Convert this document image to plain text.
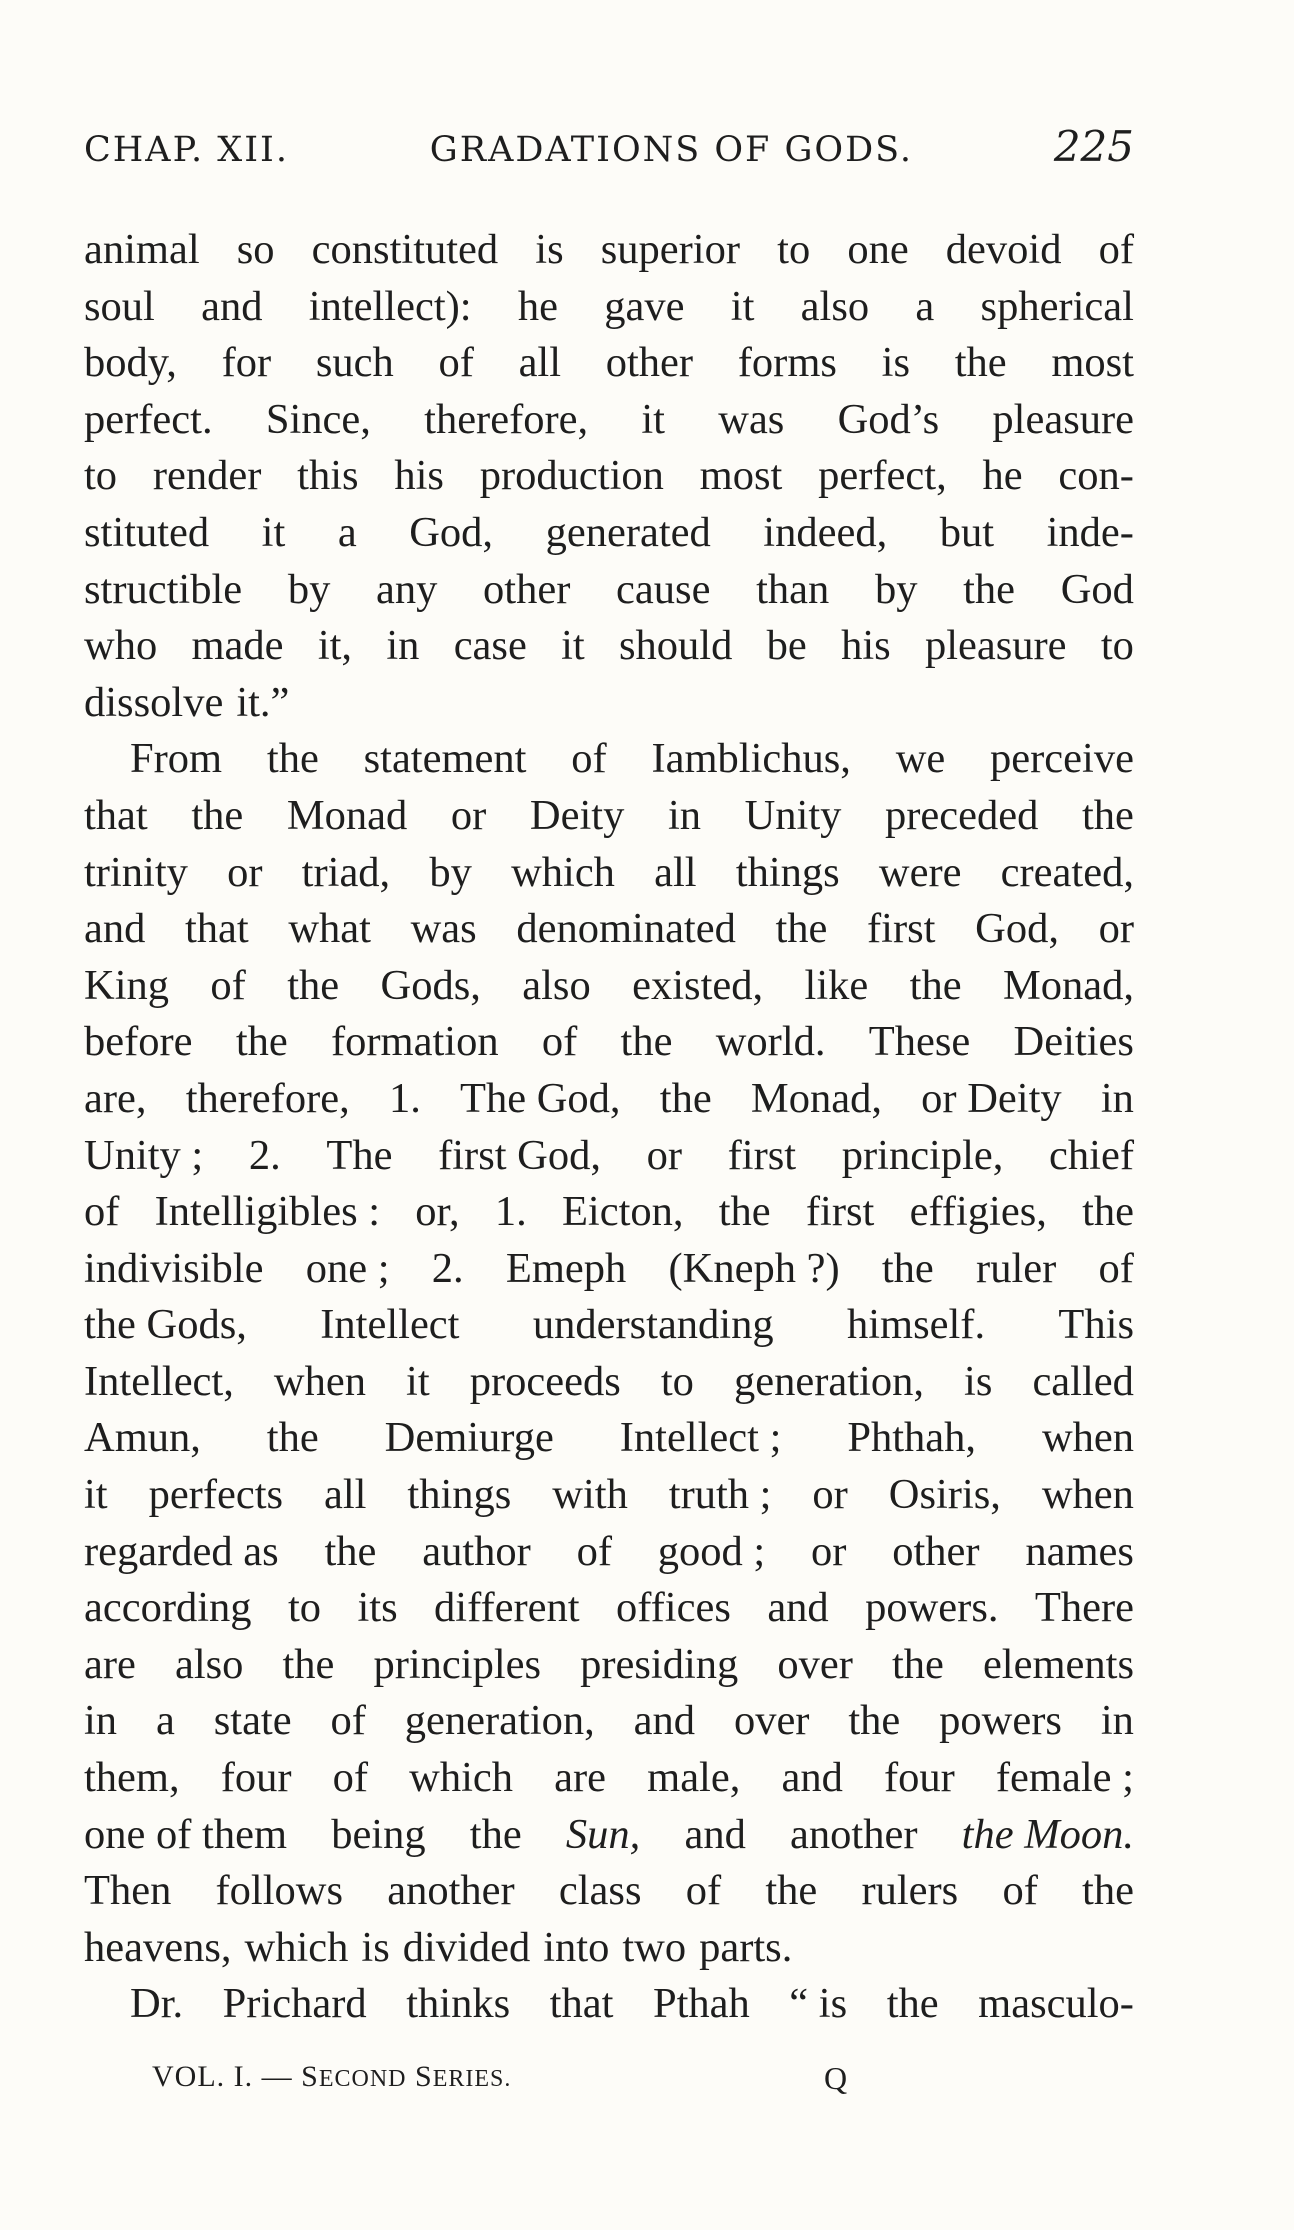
CHAP. XII.	GRADATIONS OF GODS.	225
animal so constituted is superior to one devoid of
soul and intellect): he gave it also a spherical
body, for such of all other forms is the most
perfect. Since, therefore, it was God’s pleasure
to render this his production most perfect, he con-
stituted it a God, generated indeed, but inde-
structible by any other cause than by the God
who made it, in case it should be his pleasure to
dissolve it.”
From the statement of Iamblichus, we perceive
that the Monad or Deity in Unity preceded the
trinity or triad, by which all things were created,
and that what was denominated the first God, or
King of the Gods, also existed, like the Monad,
before the formation of the world. These Deities
are, therefore, 1. The God, the Monad, or Deity in
Unity ; 2. The first God, or first principle, chief
of Intelligibles : or, 1. Eicton, the first effigies, the
indivisible one ; 2. Emeph (Kneph ?) the ruler of
the Gods, Intellect understanding himself. This
Intellect, when it proceeds to generation, is called
Amun, the Demiurge Intellect ; Phthah, when
it perfects all things with truth ; or Osiris, when
regarded as the author of good ; or other names
according to its different offices and powers. There
are also the principles presiding over the elements
in a state of generation, and over the powers in
them, four of which are male, and four female ;
one of them being the Sun, and another the Moon.
Then follows another class of the rulers of the
heavens, which is divided into two parts.
Dr. Prichard thinks that Pthah “ is the masculo-
VOL. I. — SECOND SERIES.	Q
